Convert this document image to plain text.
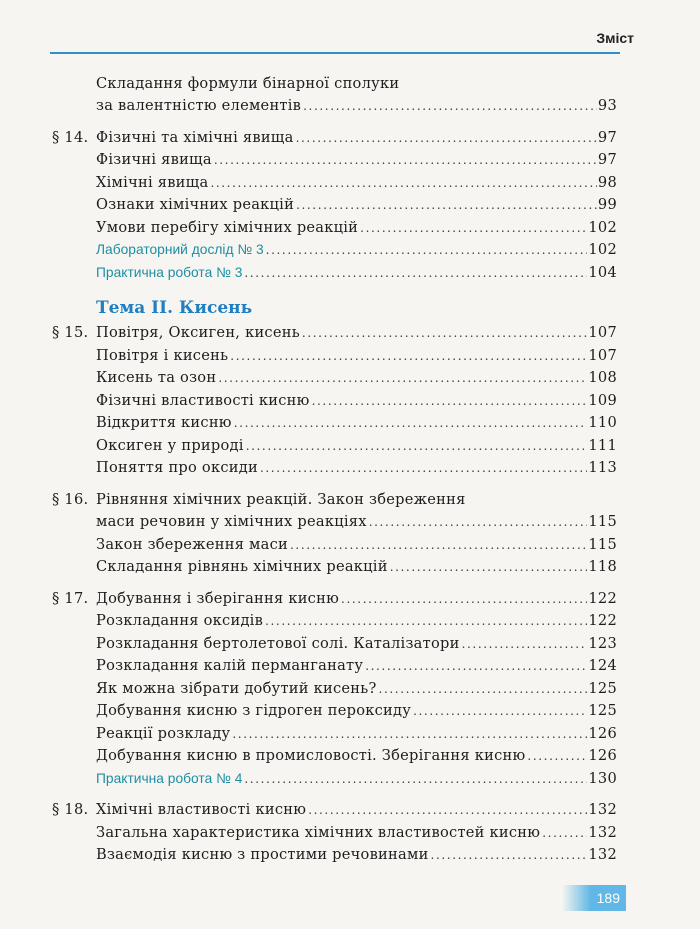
Зміст
Складання формули бінарної сполуки
за валентністю елементів .....	93
§ 14. Фізичні та хімічні явища .....	97
Фізичні явища .....	97
Хімічні явища .....	98
Ознаки хімічних реакцій .....	99
Умови перебігу хімічних реакцій .....	102
Лабораторний дослід № 3 .....	102
Практична робота № 3 .....	104
Тема ІІ. Кисень
§ 15. Повітря, Оксиген, кисень .....	107
Повітря і кисень .....	107
Кисень та озон .....	108
Фізичні властивості кисню .....	109
Відкриття кисню .....	110
Оксиген у природі .....	111
Поняття про оксиди .....	113
§ 16. Рівняння хімічних реакцій. Закон збереження
маси речовин у хімічних реакціях .....	115
Закон збереження маси .....	115
Складання рівнянь хімічних реакцій .....	118
§ 17. Добування і зберігання кисню .....	122
Розкладання оксидів .....	122
Розкладання бертолетової солі. Каталізатори .....	123
Розкладання калій перманганату .....	124
Як можна зібрати добутий кисень? .....	125
Добування кисню з гідроген пероксиду .....	125
Реакції розкладу .....	126
Добування кисню в промисловості. Зберігання кисню .....	126
Практична робота № 4 .....	130
§ 18. Хімічні властивості кисню .....	132
Загальна характеристика хімічних властивостей кисню .....	132
Взаємодія кисню з простими речовинами .....	132
189
